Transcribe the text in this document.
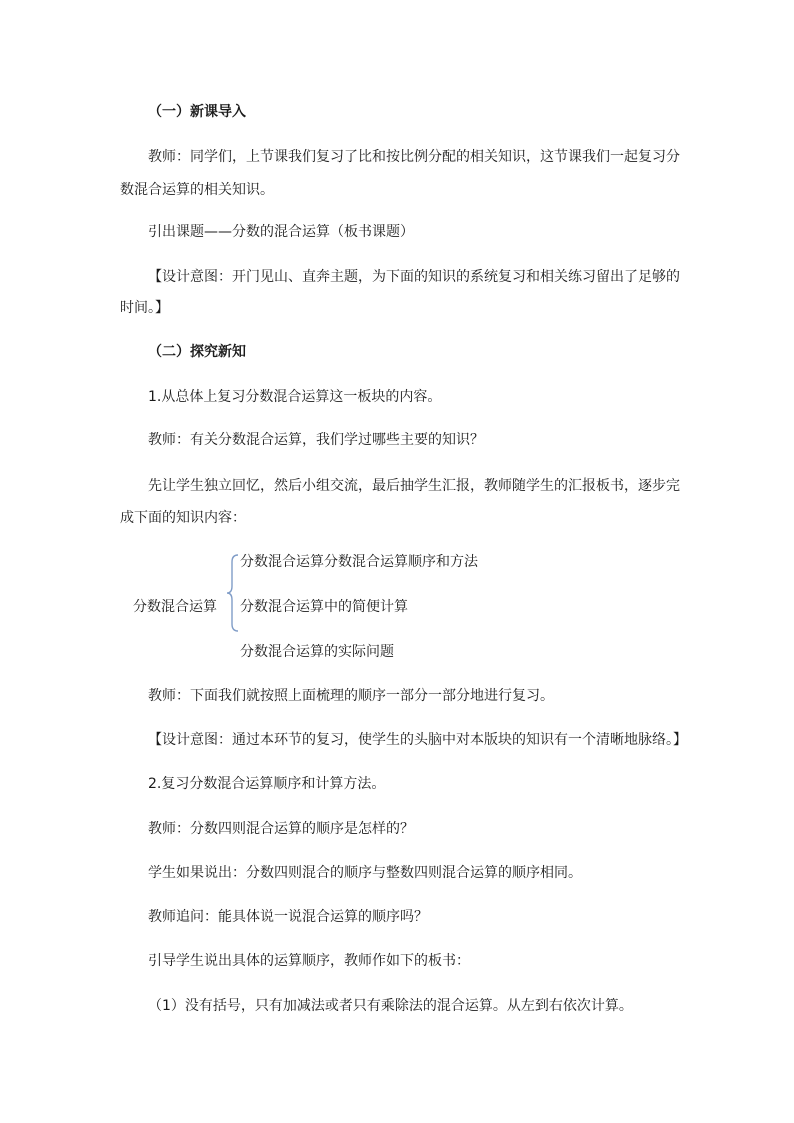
（一）新课导入
教师：同学们，上节课我们复习了比和按比例分配的相关知识，这节课我们一起复习分
数混合运算的相关知识。
引出课题——分数的混合运算（板书课题）
【设计意图：开门见山、直奔主题，为下面的知识的系统复习和相关练习留出了足够的
时间。】
（二）探究新知
1.从总体上复习分数混合运算这一板块的内容。
教师：有关分数混合运算，我们学过哪些主要的知识？
先让学生独立回忆，然后小组交流，最后抽学生汇报，教师随学生的汇报板书，逐步完
成下面的知识内容：
分数混合运算
分数混合运算分数混合运算顺序和方法
分数混合运算中的简便计算
分数混合运算的实际问题
教师：下面我们就按照上面梳理的顺序一部分一部分地进行复习。
【设计意图：通过本环节的复习，使学生的头脑中对本版块的知识有一个清晰地脉络。】
2.复习分数混合运算顺序和计算方法。
教师：分数四则混合运算的顺序是怎样的？
学生如果说出：分数四则混合的顺序与整数四则混合运算的顺序相同。
教师追问：能具体说一说混合运算的顺序吗？
引导学生说出具体的运算顺序，教师作如下的板书：
（1）没有括号，只有加减法或者只有乘除法的混合运算。从左到右依次计算。
